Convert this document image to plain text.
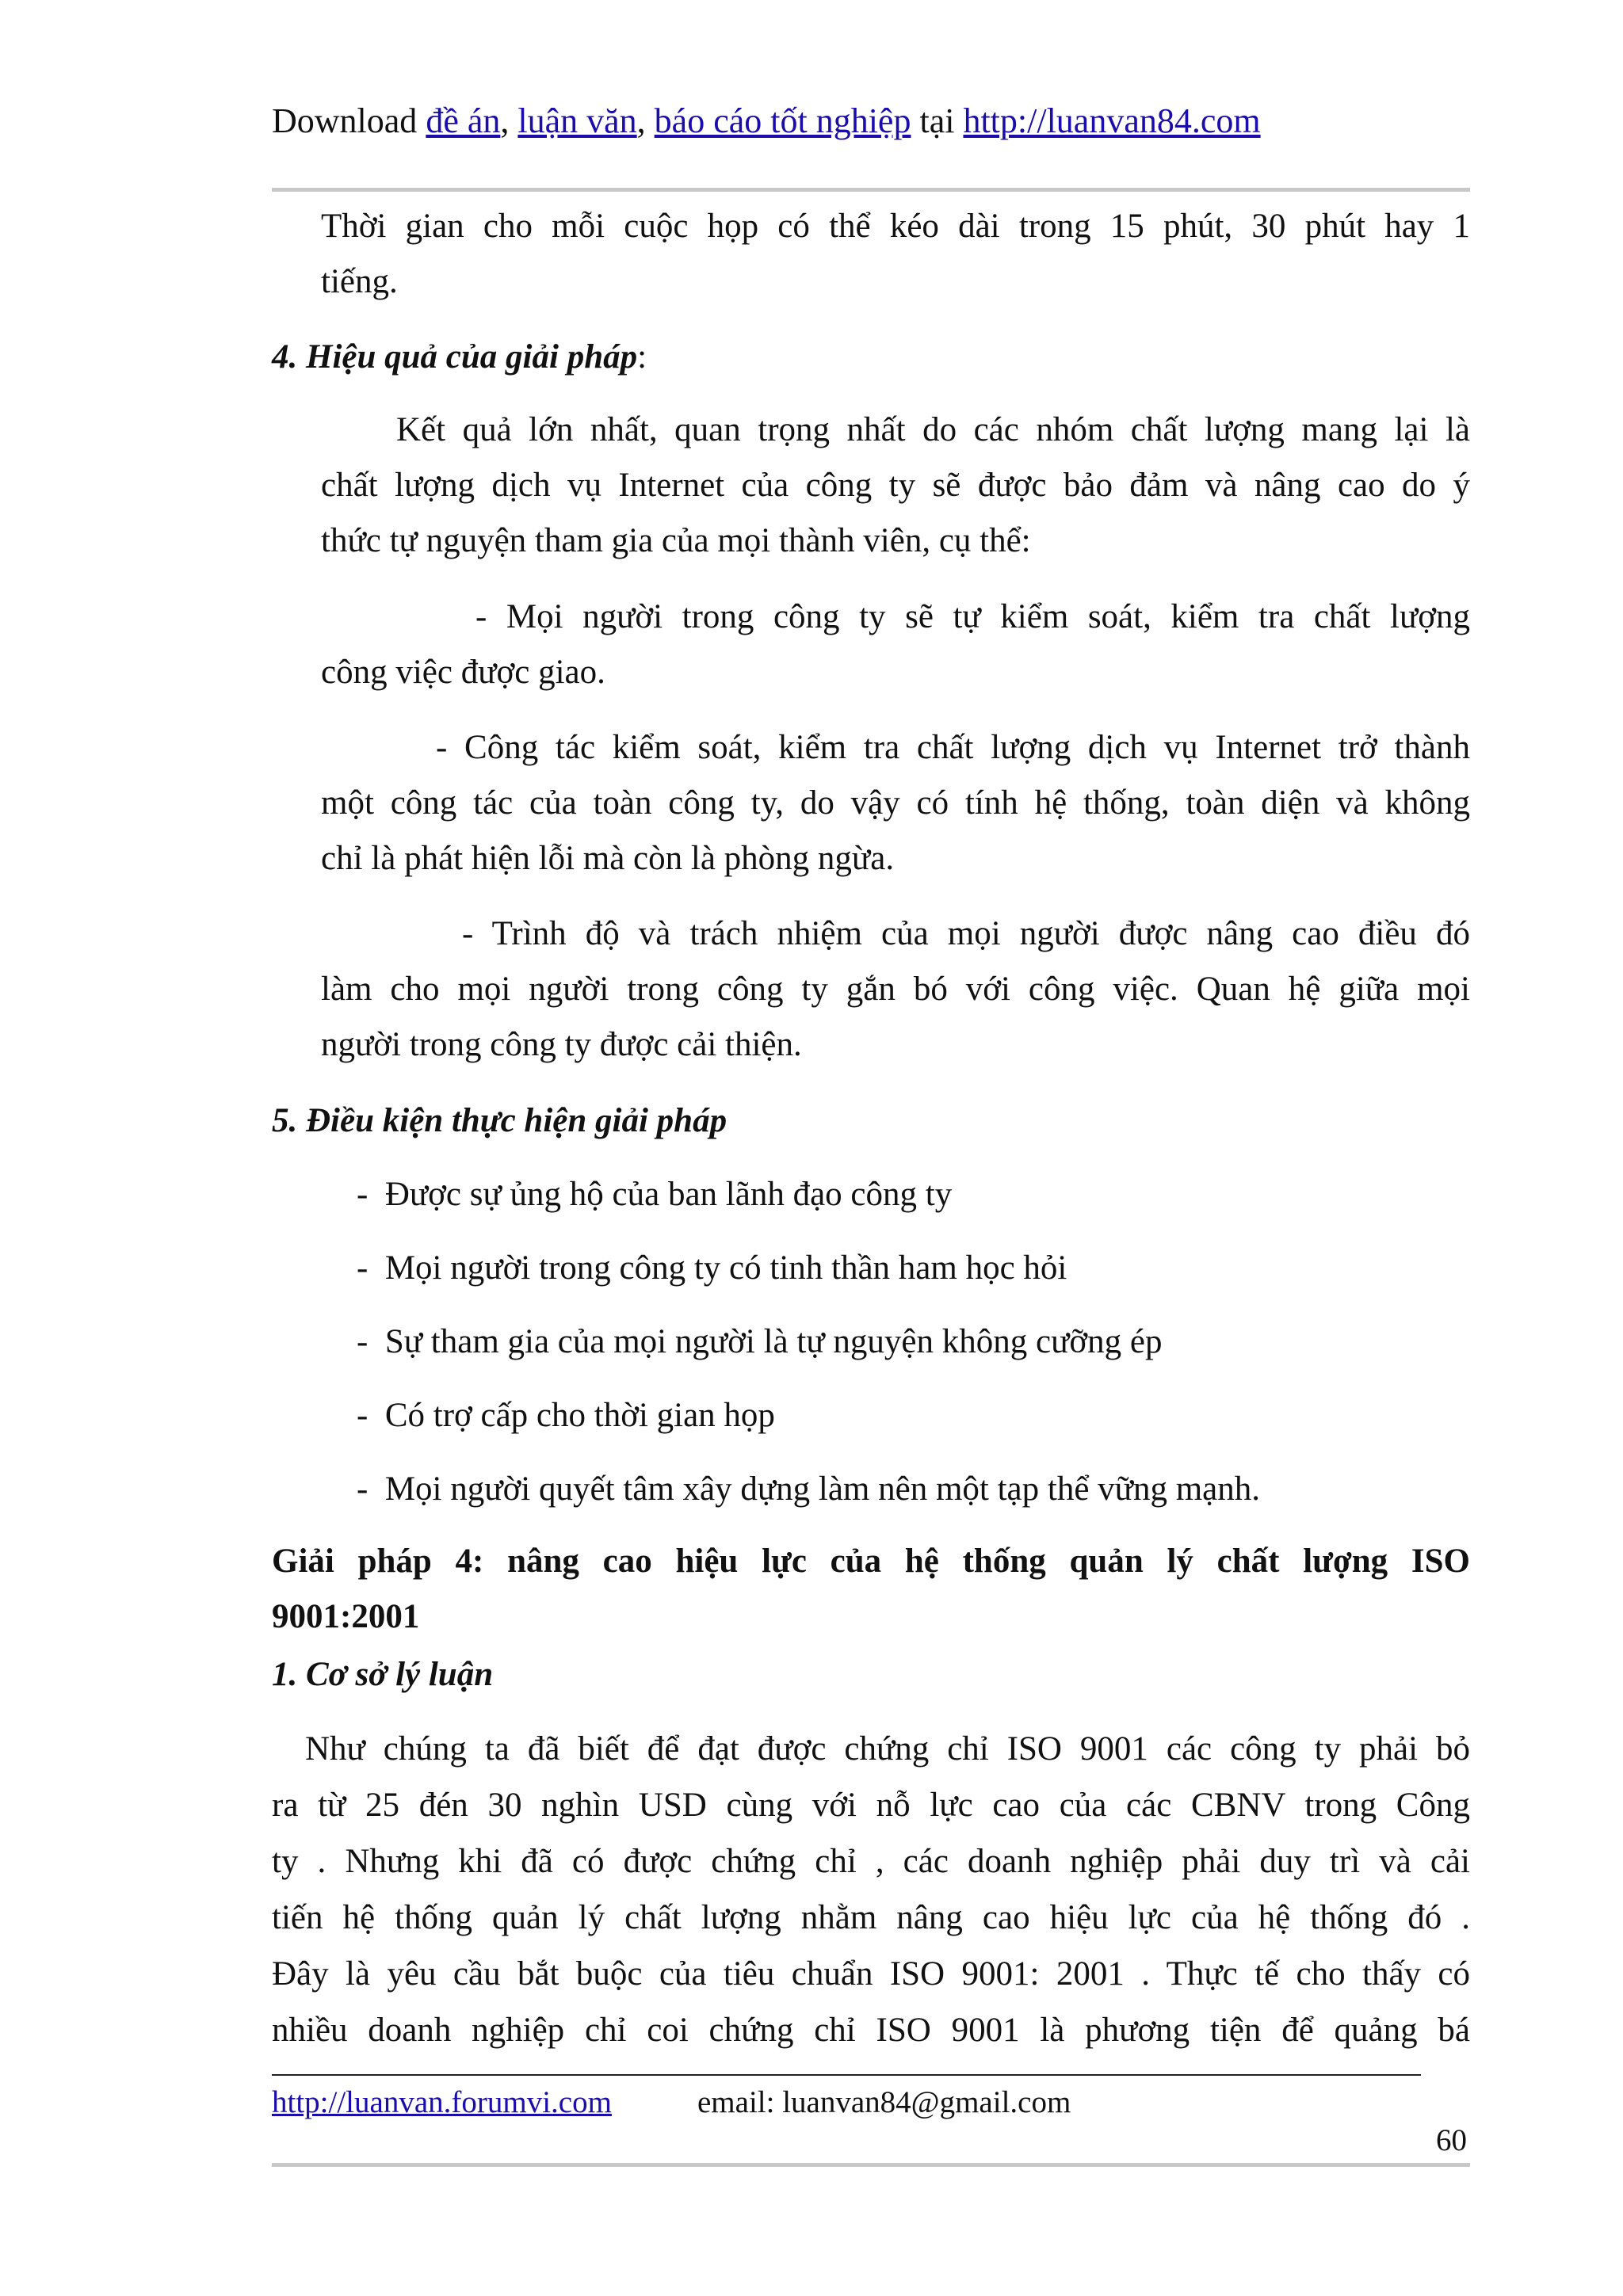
Download đề án, luận văn, báo cáo tốt nghiệp tại http://luanvan84.com
Thời gian cho mỗi cuộc họp có thể kéo dài trong 15 phút, 30 phút hay 1
tiếng.
4. Hiệu quả của giải pháp:
Kết quả lớn nhất, quan trọng nhất do các nhóm chất lượng mang lại là
chất lượng dịch vụ Internet của công ty sẽ được bảo đảm và nâng cao do ý
thức tự nguyện tham gia của mọi thành viên, cụ thể:
- Mọi người trong công ty sẽ tự kiểm soát, kiểm tra chất lượng
công việc được giao.
- Công tác kiểm soát, kiểm tra chất lượng dịch vụ Internet trở thành
một công tác của toàn công ty, do vậy có tính hệ thống, toàn diện và không
chỉ là phát hiện lỗi mà còn là phòng ngừa.
- Trình độ và trách nhiệm của mọi người được nâng cao điều đó
làm cho mọi người trong công ty gắn bó với công việc. Quan hệ giữa mọi
người trong công ty được cải thiện.
5. Điều kiện thực hiện giải pháp
- Được sự ủng hộ của ban lãnh đạo công ty
- Mọi người trong công ty có tinh thần ham học hỏi
- Sự tham gia của mọi người là tự nguyện không cưỡng ép
- Có trợ cấp cho thời gian họp
- Mọi người quyết tâm xây dựng làm nên một tạp thể vững mạnh.
Giải pháp 4: nâng cao hiệu lực của hệ thống quản lý chất lượng ISO
9001:2001
1. Cơ sở lý luận
Như chúng ta đã biết để đạt được chứng chỉ ISO 9001 các công ty phải bỏ
ra từ 25 đén 30 nghìn USD cùng với nỗ lực cao của các CBNV trong Công
ty . Nhưng khi đã có được chứng chỉ , các doanh nghiệp phải duy trì và cải
tiến hệ thống quản lý chất lượng nhằm nâng cao hiệu lực của hệ thống đó .
Đây là yêu cầu bắt buộc của tiêu chuẩn ISO 9001: 2001 . Thực tế cho thấy có
nhiều doanh nghiệp chỉ coi chứng chỉ ISO 9001 là phương tiện để quảng bá
http://luanvan.forumvi.com	email: luanvan84@gmail.com
60
